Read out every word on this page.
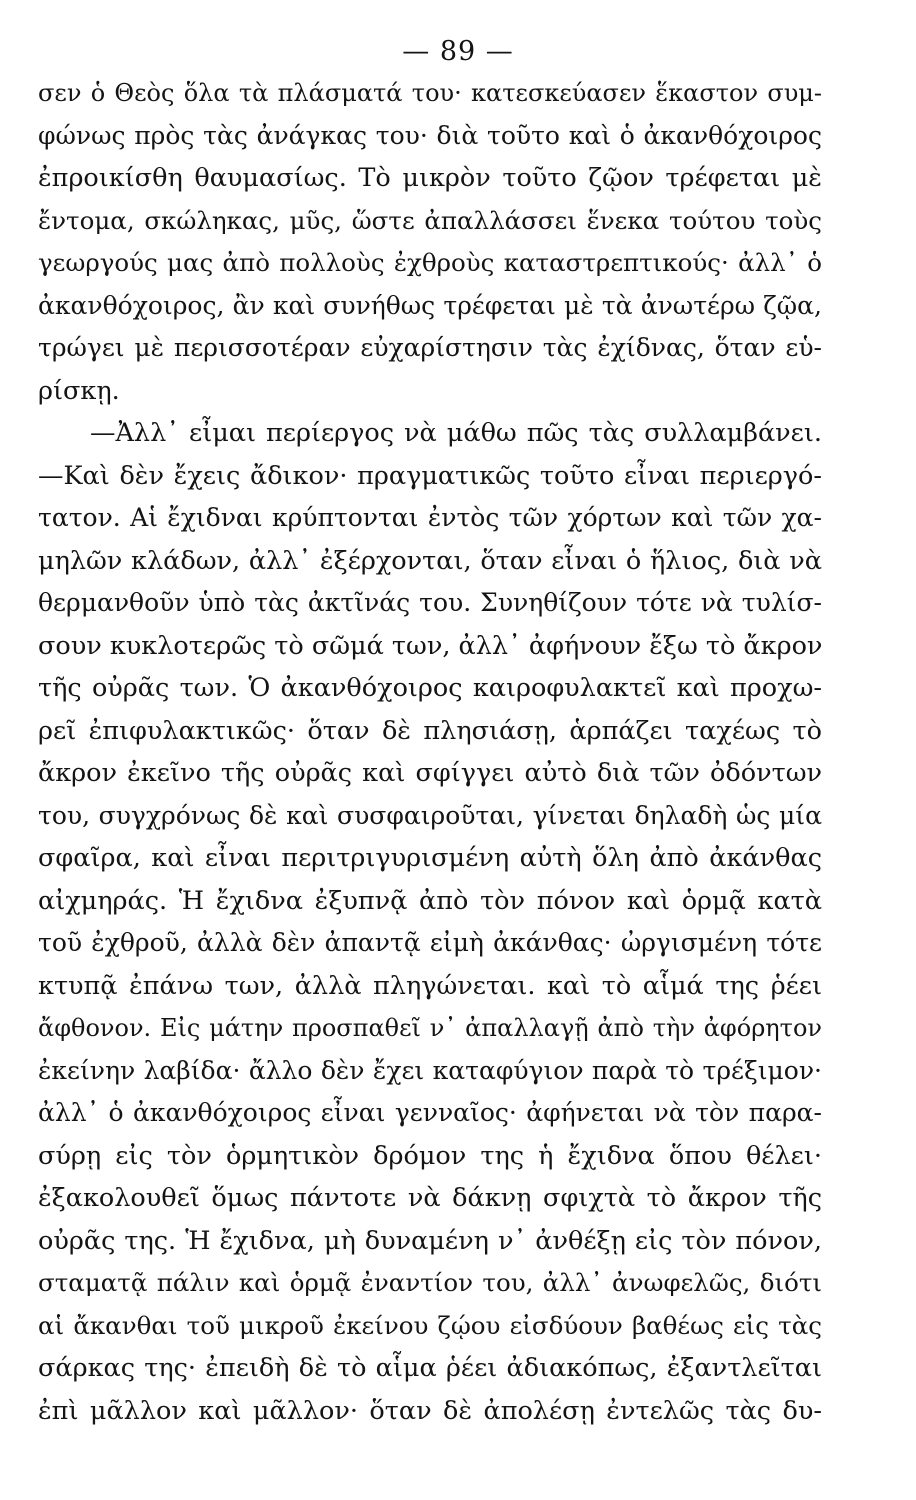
— 89 —
σεν ὁ Θεὸς ὅλα τὰ πλάσματά του· κατεσκεύασεν ἕκαστον συμ-
φώνως πρὸς τὰς ἀνάγκας του· διὰ τοῦτο καὶ ὁ ἀκανθόχοιρος
ἐπροικίσθη θαυμασίως. Τὸ μικρὸν τοῦτο ζῷον τρέφεται μὲ
ἔντομα, σκώληκας, μῦς, ὥστε ἀπαλλάσσει ἕνεκα τούτου τοὺς
γεωργούς μας ἀπὸ πολλοὺς ἐχθροὺς καταστρεπτικούς· ἀλλ᾽ ὁ
ἀκανθόχοιρος, ἂν καὶ συνήθως τρέφεται μὲ τὰ ἀνωτέρω ζῷα,
τρώγει μὲ περισσοτέραν εὐχαρίστησιν τὰς ἐχίδνας, ὅταν εὑ-
ρίσκῃ.
—Ἀλλ᾽ εἶμαι περίεργος νὰ μάθω πῶς τὰς συλλαμβάνει.
—Καὶ δὲν ἔχεις ἄδικον· πραγματικῶς τοῦτο εἶναι περιεργό-
τατον. Αἱ ἔχιδναι κρύπτονται ἐντὸς τῶν χόρτων καὶ τῶν χα-
μηλῶν κλάδων, ἀλλ᾽ ἐξέρχονται, ὅταν εἶναι ὁ ἥλιος, διὰ νὰ
θερμανθοῦν ὑπὸ τὰς ἀκτῖνάς του. Συνηθίζουν τότε νὰ τυλίσ-
σουν κυκλοτερῶς τὸ σῶμά των, ἀλλ᾽ ἀφήνουν ἔξω τὸ ἄκρον
τῆς οὐρᾶς των. Ὁ ἀκανθόχοιρος καιροφυλακτεῖ καὶ προχω-
ρεῖ ἐπιφυλακτικῶς· ὅταν δὲ πλησιάσῃ, ἁρπάζει ταχέως τὸ
ἄκρον ἐκεῖνο τῆς οὐρᾶς καὶ σφίγγει αὐτὸ διὰ τῶν ὀδόντων
του, συγχρόνως δὲ καὶ συσφαιροῦται, γίνεται δηλαδὴ ὡς μία
σφαῖρα, καὶ εἶναι περιτριγυρισμένη αὐτὴ ὅλη ἀπὸ ἀκάνθας
αἰχμηράς. Ἡ ἔχιδνα ἐξυπνᾷ ἀπὸ τὸν πόνον καὶ ὁρμᾷ κατὰ
τοῦ ἐχθροῦ, ἀλλὰ δὲν ἀπαντᾷ εἰμὴ ἀκάνθας· ὠργισμένη τότε
κτυπᾷ ἐπάνω των, ἀλλὰ πληγώνεται. καὶ τὸ αἷμά της ῥέει
ἄφθονον. Εἰς μάτην προσπαθεῖ ν᾽ ἀπαλλαγῇ ἀπὸ τὴν ἀφόρητον
ἐκείνην λαβίδα· ἄλλο δὲν ἔχει καταφύγιον παρὰ τὸ τρέξιμον·
ἀλλ᾽ ὁ ἀκανθόχοιρος εἶναι γενναῖος· ἀφήνεται νὰ τὸν παρα-
σύρῃ εἰς τὸν ὁρμητικὸν δρόμον της ἡ ἔχιδνα ὅπου θέλει·
ἐξακολουθεῖ ὅμως πάντοτε νὰ δάκνῃ σφιχτὰ τὸ ἄκρον τῆς
οὐρᾶς της. Ἡ ἔχιδνα, μὴ δυναμένη ν᾽ ἀνθέξῃ εἰς τὸν πόνον,
σταματᾷ πάλιν καὶ ὁρμᾷ ἐναντίον του, ἀλλ᾽ ἀνωφελῶς, διότι
αἱ ἄκανθαι τοῦ μικροῦ ἐκείνου ζῴου εἰσδύουν βαθέως εἰς τὰς
σάρκας της· ἐπειδὴ δὲ τὸ αἷμα ῥέει ἀδιακόπως, ἐξαντλεῖται
ἐπὶ μᾶλλον καὶ μᾶλλον· ὅταν δὲ ἀπολέσῃ ἐντελῶς τὰς δυ-
